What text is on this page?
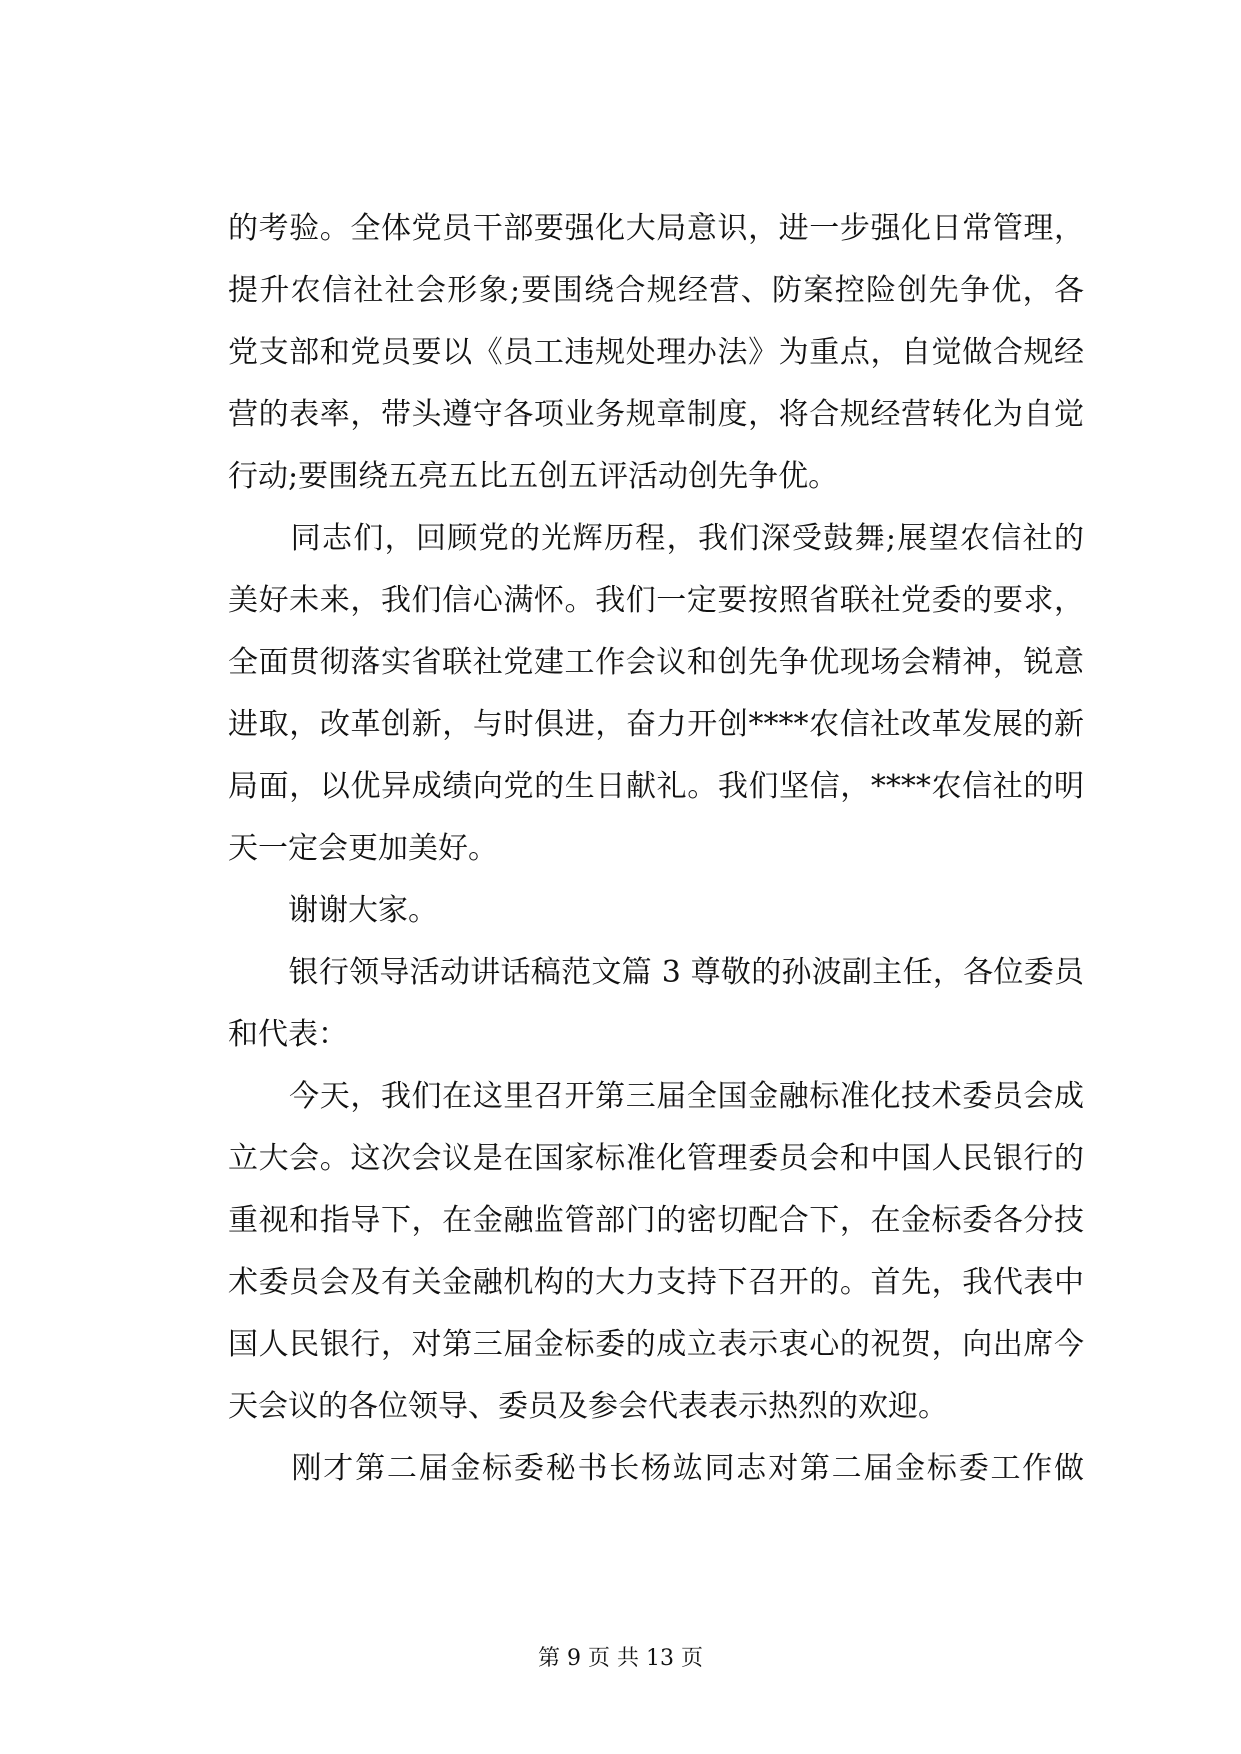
的考验。全体党员干部要强化大局意识，进一步强化日常管理，
提升农信社社会形象;要围绕合规经营、防案控险创先争优，各
党支部和党员要以《员工违规处理办法》为重点，自觉做合规经
营的表率，带头遵守各项业务规章制度，将合规经营转化为自觉
行动;要围绕五亮五比五创五评活动创先争优。
　　同志们，回顾党的光辉历程，我们深受鼓舞;展望农信社的
美好未来，我们信心满怀。我们一定要按照省联社党委的要求，
全面贯彻落实省联社党建工作会议和创先争优现场会精神，锐意
进取，改革创新，与时俱进，奋力开创****农信社改革发展的新
局面，以优异成绩向党的生日献礼。我们坚信，****农信社的明
天一定会更加美好。
　　谢谢大家。
　　银行领导活动讲话稿范文篇 3 尊敬的孙波副主任，各位委员
和代表：
　　今天，我们在这里召开第三届全国金融标准化技术委员会成
立大会。这次会议是在国家标准化管理委员会和中国人民银行的
重视和指导下，在金融监管部门的密切配合下，在金标委各分技
术委员会及有关金融机构的大力支持下召开的。首先，我代表中
国人民银行，对第三届金标委的成立表示衷心的祝贺，向出席今
天会议的各位领导、委员及参会代表表示热烈的欢迎。
　　刚才第二届金标委秘书长杨竑同志对第二届金标委工作做
第 9 页 共 13 页
